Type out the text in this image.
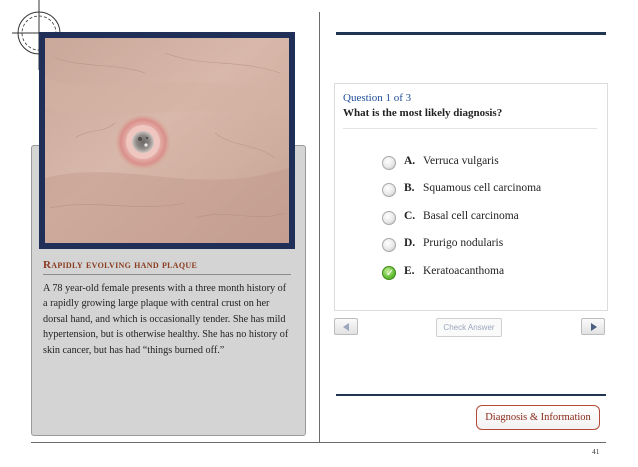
Rapidly evolving hand plaque
A 78 year-old female presents with a three month history of a rapidly growing large plaque with central crust on her dorsal hand, and which is occasionally tender. She has mild hypertension, but is otherwise healthy. She has no history of skin cancer, but has had “things burned off.”
Question 1 of 3
What is the most likely diagnosis?
A. Verruca vulgaris
B. Squamous cell carcinoma
C. Basal cell carcinoma
D. Prurigo nodularis
✓ E. Keratoacanthoma
Check Answer
Diagnosis & Information
41
